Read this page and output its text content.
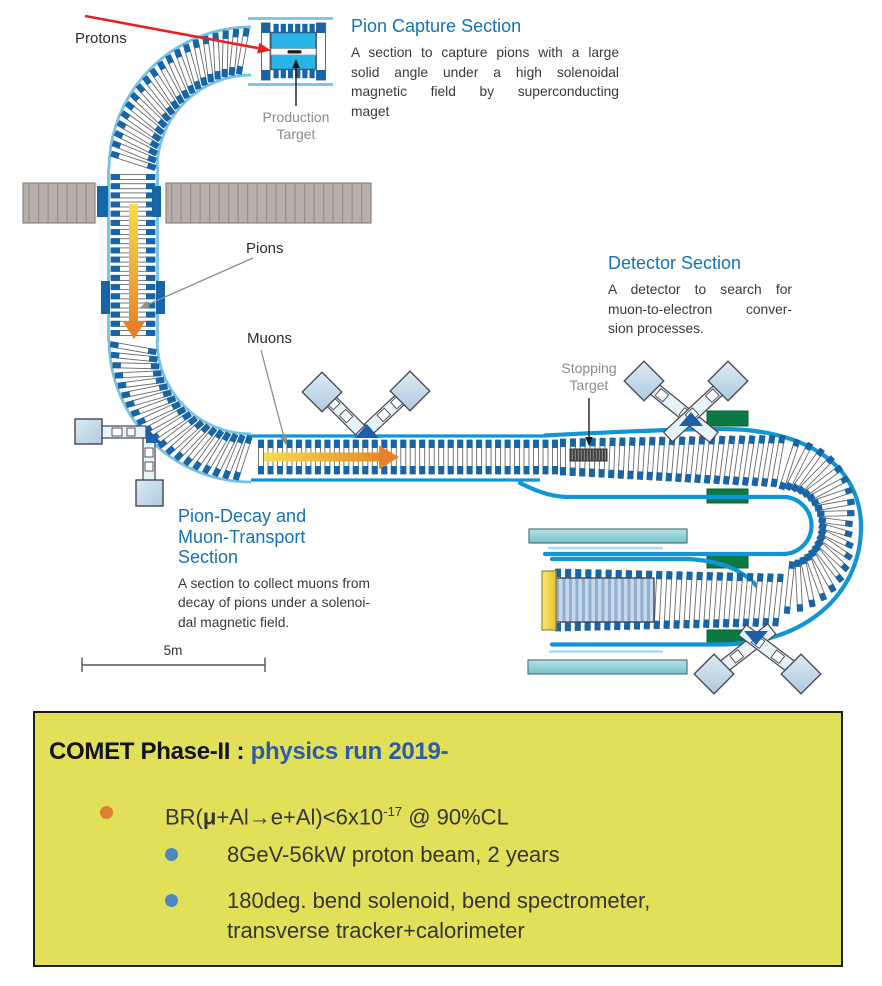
Protons
Pion Capture Section
A section to capture pions with a large
solid angle under a high solenoidal
magnetic field by superconducting
maget
Production
Target
Pions
Muons
Detector Section
A detector to search for
muon-to-electron conver-
sion processes.
Stopping
Target
Pion-Decay and
Muon-Transport Section
A section to collect muons from
decay of pions under a solenoi-
dal magnetic field.
5m
COMET Phase-II : physics run 2019-
$BR(\mu+Al\to e+Al)<6x10^{-17}$ @ 90%CL
8GeV-56kW proton beam, 2 years
180deg. bend solenoid, bend spectrometer,
transverse tracker+calorimeter
